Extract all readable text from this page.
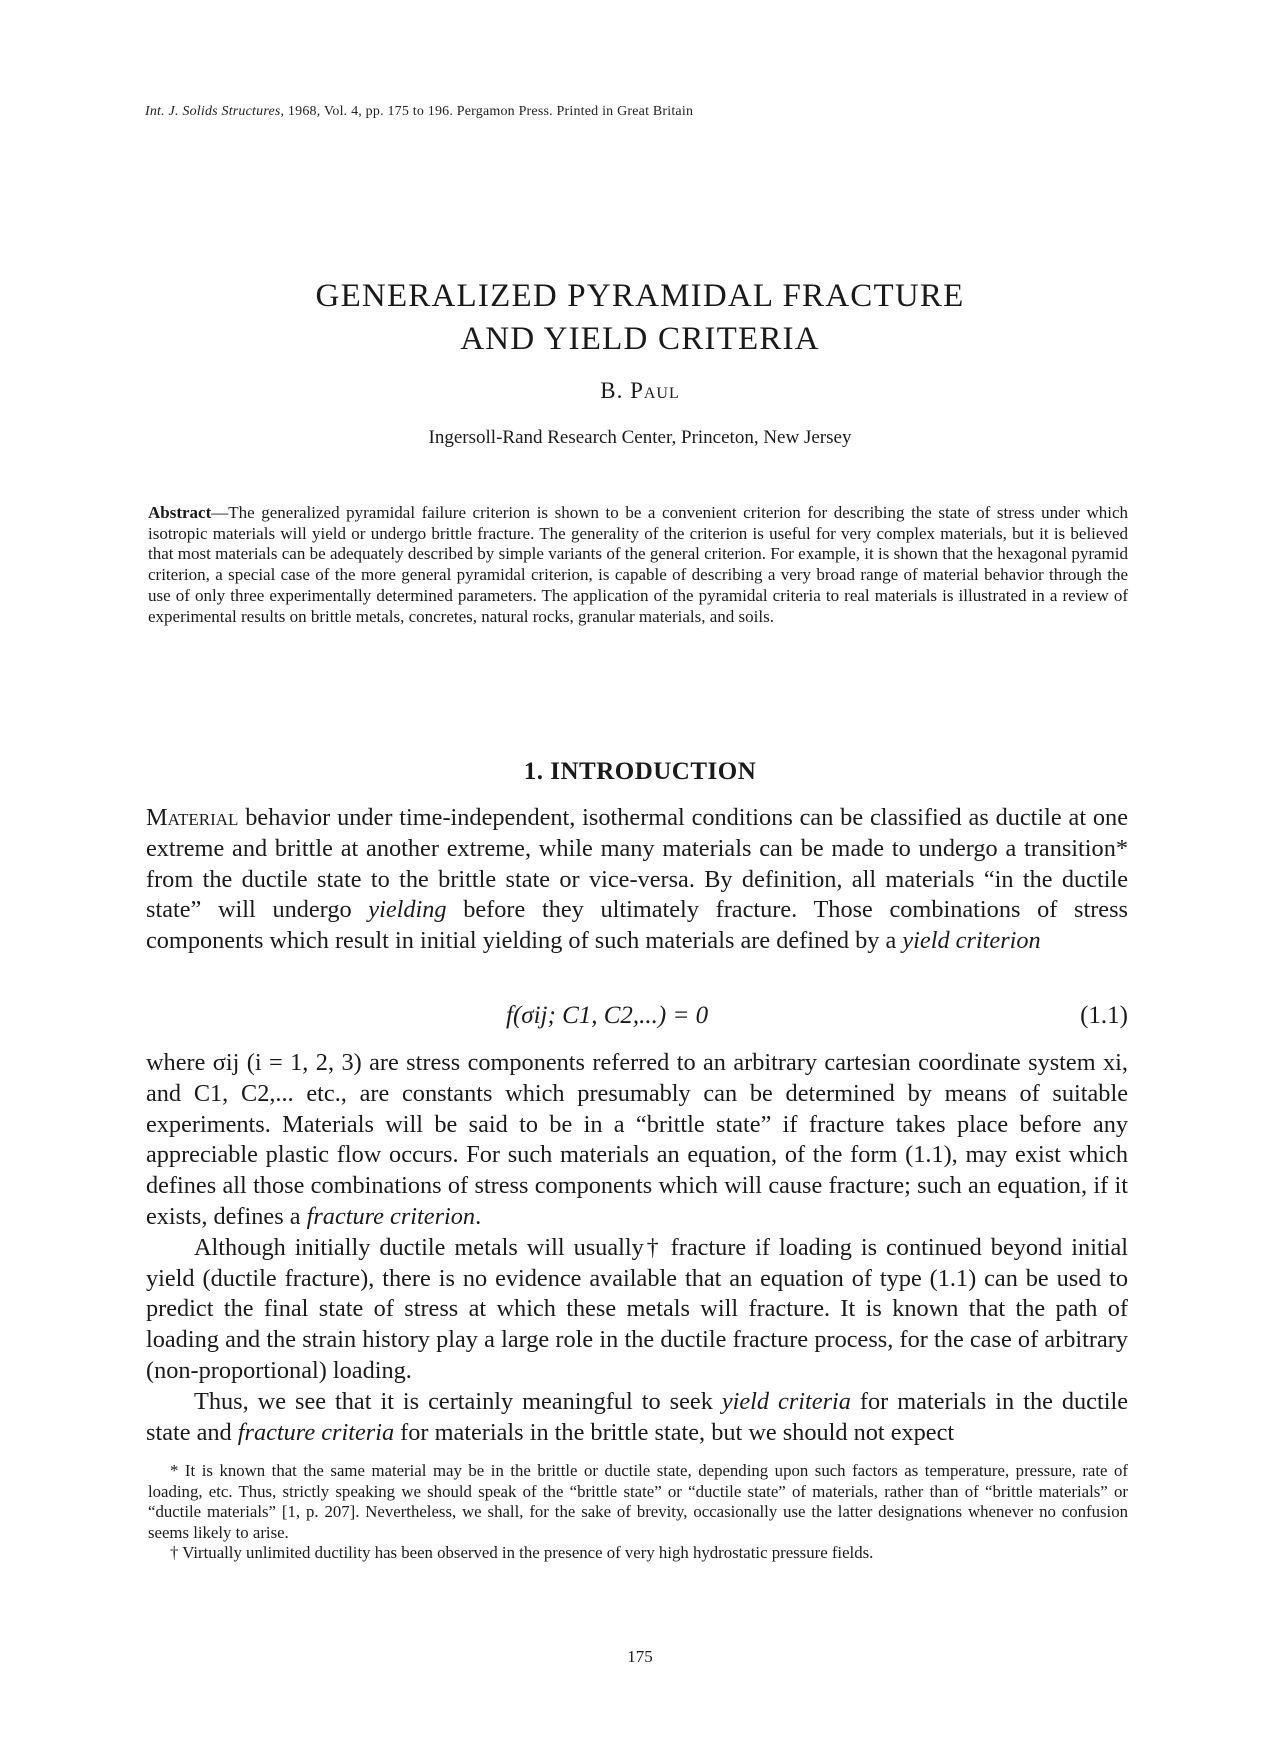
Int. J. Solids Structures, 1968, Vol. 4, pp. 175 to 196. Pergamon Press. Printed in Great Britain
GENERALIZED PYRAMIDAL FRACTURE
AND YIELD CRITERIA
B. Paul
Ingersoll-Rand Research Center, Princeton, New Jersey
Abstract—The generalized pyramidal failure criterion is shown to be a convenient criterion for describing the state of stress under which isotropic materials will yield or undergo brittle fracture. The generality of the criterion is useful for very complex materials, but it is believed that most materials can be adequately described by simple variants of the general criterion. For example, it is shown that the hexagonal pyramid criterion, a special case of the more general pyramidal criterion, is capable of describing a very broad range of material behavior through the use of only three experimentally determined parameters. The application of the pyramidal criteria to real materials is illustrated in a review of experimental results on brittle metals, concretes, natural rocks, granular materials, and soils.
1. INTRODUCTION

Material behavior under time-independent, isothermal conditions can be classified as ductile at one extreme and brittle at another extreme, while many materials can be made to undergo a transition* from the ductile state to the brittle state or vice-versa. By definition, all materials “in the ductile state” will undergo yielding before they ultimately fracture. Those combinations of stress components which result in initial yielding of such materials are defined by a yield criterion

f(σij; C1, C2,...) = 0	(1.1)

where σij (i = 1, 2, 3) are stress components referred to an arbitrary cartesian coordinate system xi, and C1, C2,... etc., are constants which presumably can be determined by means of suitable experiments. Materials will be said to be in a “brittle state” if fracture takes place before any appreciable plastic flow occurs. For such materials an equation, of the form (1.1), may exist which defines all those combinations of stress components which will cause fracture; such an equation, if it exists, defines a fracture criterion.

Although initially ductile metals will usually† fracture if loading is continued beyond initial yield (ductile fracture), there is no evidence available that an equation of type (1.1) can be used to predict the final state of stress at which these metals will fracture. It is known that the path of loading and the strain history play a large role in the ductile fracture process, for the case of arbitrary (non-proportional) loading.

Thus, we see that it is certainly meaningful to seek yield criteria for materials in the ductile state and fracture criteria for materials in the brittle state, but we should not expect

* It is known that the same material may be in the brittle or ductile state, depending upon such factors as temperature, pressure, rate of loading, etc. Thus, strictly speaking we should speak of the “brittle state” or “ductile state” of materials, rather than of “brittle materials” or “ductile materials” [1, p. 207]. Nevertheless, we shall, for the sake of brevity, occasionally use the latter designations whenever no confusion seems likely to arise.

† Virtually unlimited ductility has been observed in the presence of very high hydrostatic pressure fields.

175
